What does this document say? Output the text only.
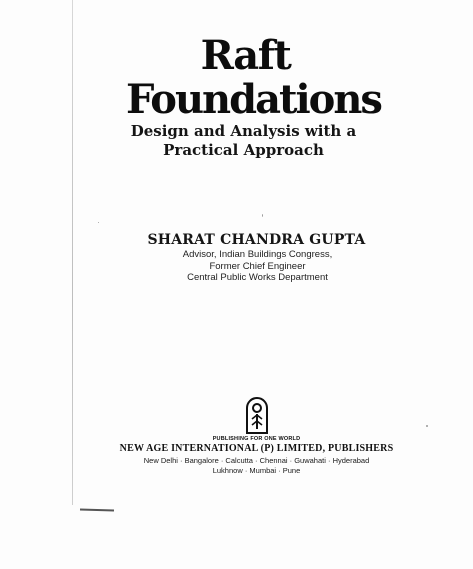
Raft
Foundations
Design and Analysis with a
Practical Approach
SHARAT CHANDRA GUPTA
Advisor, Indian Buildings Congress,
Former Chief Engineer
Central Public Works Department
PUBLISHING FOR ONE WORLD
NEW AGE INTERNATIONAL (P) LIMITED, PUBLISHERS
New Delhi · Bangalore · Calcutta · Chennai · Guwahati · Hyderabad
Lukhnow · Mumbai · Pune
